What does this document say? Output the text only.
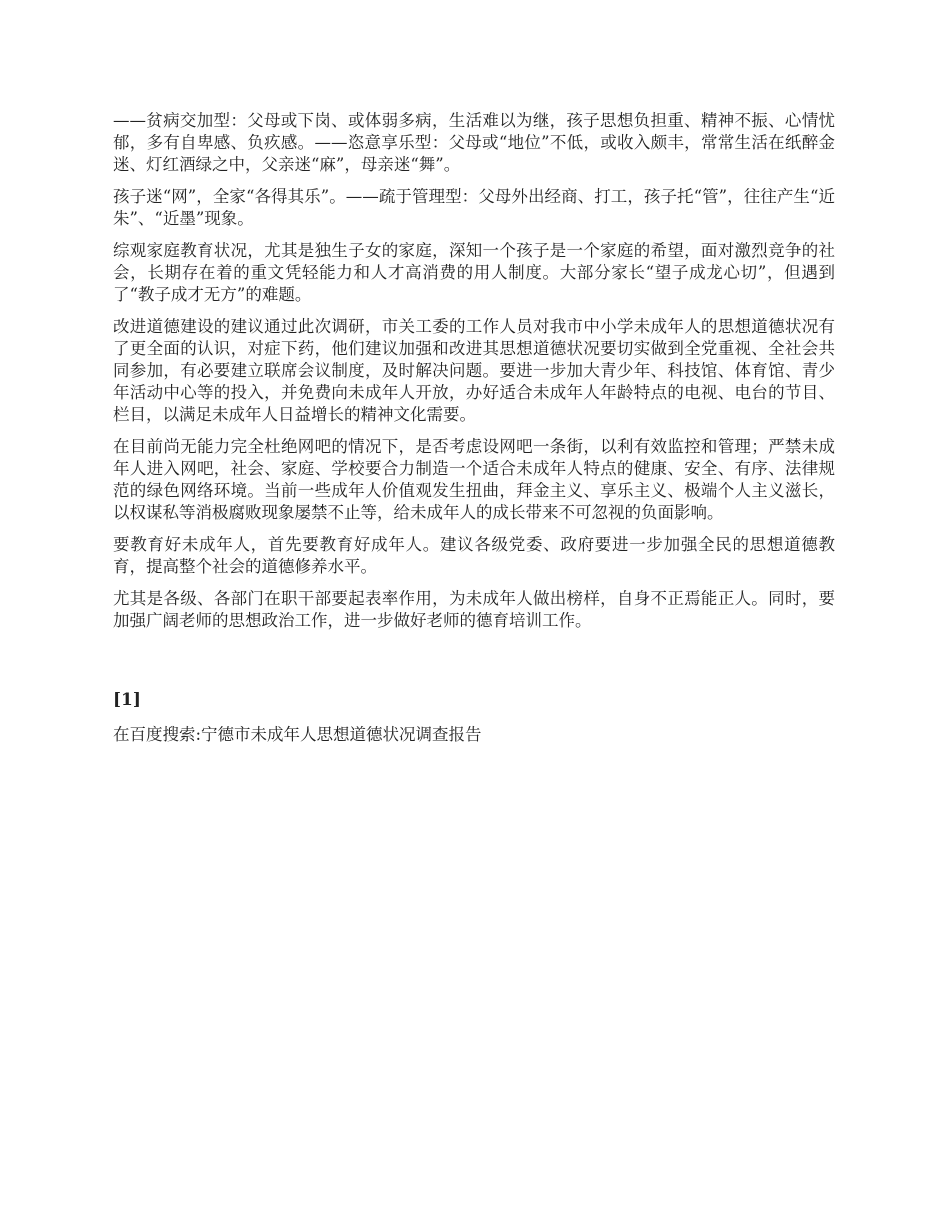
——贫病交加型：父母或下岗、或体弱多病，生活难以为继，孩子思想负担重、精神不振、心情忧郁，多有自卑感、负疚感。——恣意享乐型：父母或“地位”不低，或收入颇丰，常常生活在纸醉金迷、灯红酒绿之中，父亲迷“麻”，母亲迷“舞”。

孩子迷“网”，全家“各得其乐”。——疏于管理型：父母外出经商、打工，孩子托“管”，往往产生“近朱”、“近墨”现象。

综观家庭教育状况，尤其是独生子女的家庭，深知一个孩子是一个家庭的希望，面对激烈竞争的社会，长期存在着的重文凭轻能力和人才高消费的用人制度。大部分家长“望子成龙心切”，但遇到了“教子成才无方”的难题。

改进道德建设的建议通过此次调研，市关工委的工作人员对我市中小学未成年人的思想道德状况有了更全面的认识，对症下药，他们建议加强和改进其思想道德状况要切实做到全党重视、全社会共同参加，有必要建立联席会议制度，及时解决问题。要进一步加大青少年、科技馆、体育馆、青少年活动中心等的投入，并免费向未成年人开放，办好适合未成年人年龄特点的电视、电台的节目、栏目，以满足未成年人日益增长的精神文化需要。

在目前尚无能力完全杜绝网吧的情况下，是否考虑设网吧一条街，以利有效监控和管理；严禁未成年人进入网吧，社会、家庭、学校要合力制造一个适合未成年人特点的健康、安全、有序、法律规范的绿色网络环境。当前一些成年人价值观发生扭曲，拜金主义、享乐主义、极端个人主义滋长，以权谋私等消极腐败现象屡禁不止等，给未成年人的成长带来不可忽视的负面影响。

要教育好未成年人，首先要教育好成年人。建议各级党委、政府要进一步加强全民的思想道德教育，提高整个社会的道德修养水平。

尤其是各级、各部门在职干部要起表率作用，为未成年人做出榜样，自身不正焉能正人。同时，要加强广阔老师的思想政治工作，进一步做好老师的德育培训工作。

[1]

在百度搜索:宁德市未成年人思想道德状况调查报告
